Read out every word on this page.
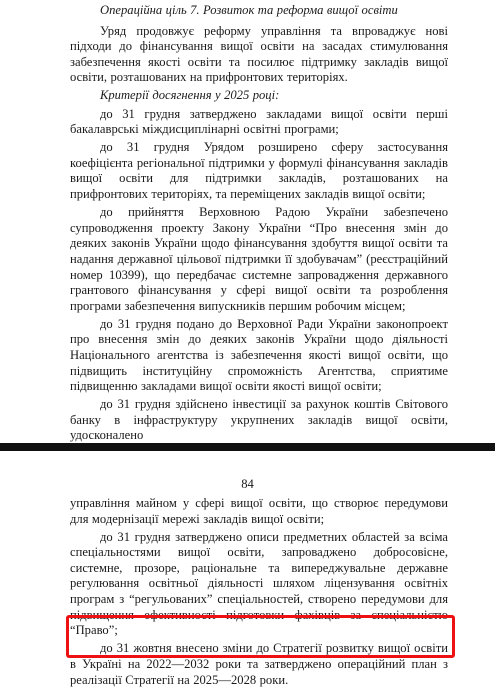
Операційна ціль 7. Розвиток та реформа вищої освіти

Уряд продовжує реформу управління та впроваджує нові підходи до фінансування вищої освіти на засадах стимулювання забезпечення якості освіти та посилює підтримку закладів вищої освіти, розташованих на прифронтових територіях.

Критерії досягнення у 2025 році:

до 31 грудня затверджено закладами вищої освіти перші бакалаврські міждисциплінарні освітні програми;

до 31 грудня Урядом розширено сферу застосування коефіцієнта регіональної підтримки у формулі фінансування закладів вищої освіти для підтримки закладів, розташованих на прифронтових територіях, та переміщених закладів вищої освіти;

до прийняття Верховною Радою України забезпечено супроводження проекту Закону України “Про внесення змін до деяких законів України щодо фінансування здобуття вищої освіти та надання державної цільової підтримки її здобувачам” (реєстраційний номер 10399), що передбачає системне запровадження державного грантового фінансування у сфері вищої освіти та розроблення програми забезпечення випускників першим робочим місцем;

до 31 грудня подано до Верховної Ради України законопроект про внесення змін до деяких законів України щодо діяльності Національного агентства із забезпечення якості вищої освіти, що підвищить інституційну спроможність Агентства, сприятиме підвищенню закладами вищої освіти якості вищої освіти;

до 31 грудня здійснено інвестиції за рахунок коштів Світового банку в інфраструктуру укрупнених закладів вищої освіти, удосконалено

84

управління майном у сфері вищої освіти, що створює передумови для модернізації мережі закладів вищої освіти;

до 31 грудня затверджено описи предметних областей за всіма спеціальностями вищої освіти, запроваджено добросовісне, системне, прозоре, раціональне та випереджувальне державне регулювання освітньої діяльності шляхом ліцензування освітніх програм з “регульованих” спеціальностей, створено передумови для підвищення ефективності підготовки фахівців за спеціальністю “Право”;

до 31 жовтня внесено зміни до Стратегії розвитку вищої освіти в Україні на 2022—2032 роки та затверджено операційний план з реалізації Стратегії на 2025—2028 роки.
